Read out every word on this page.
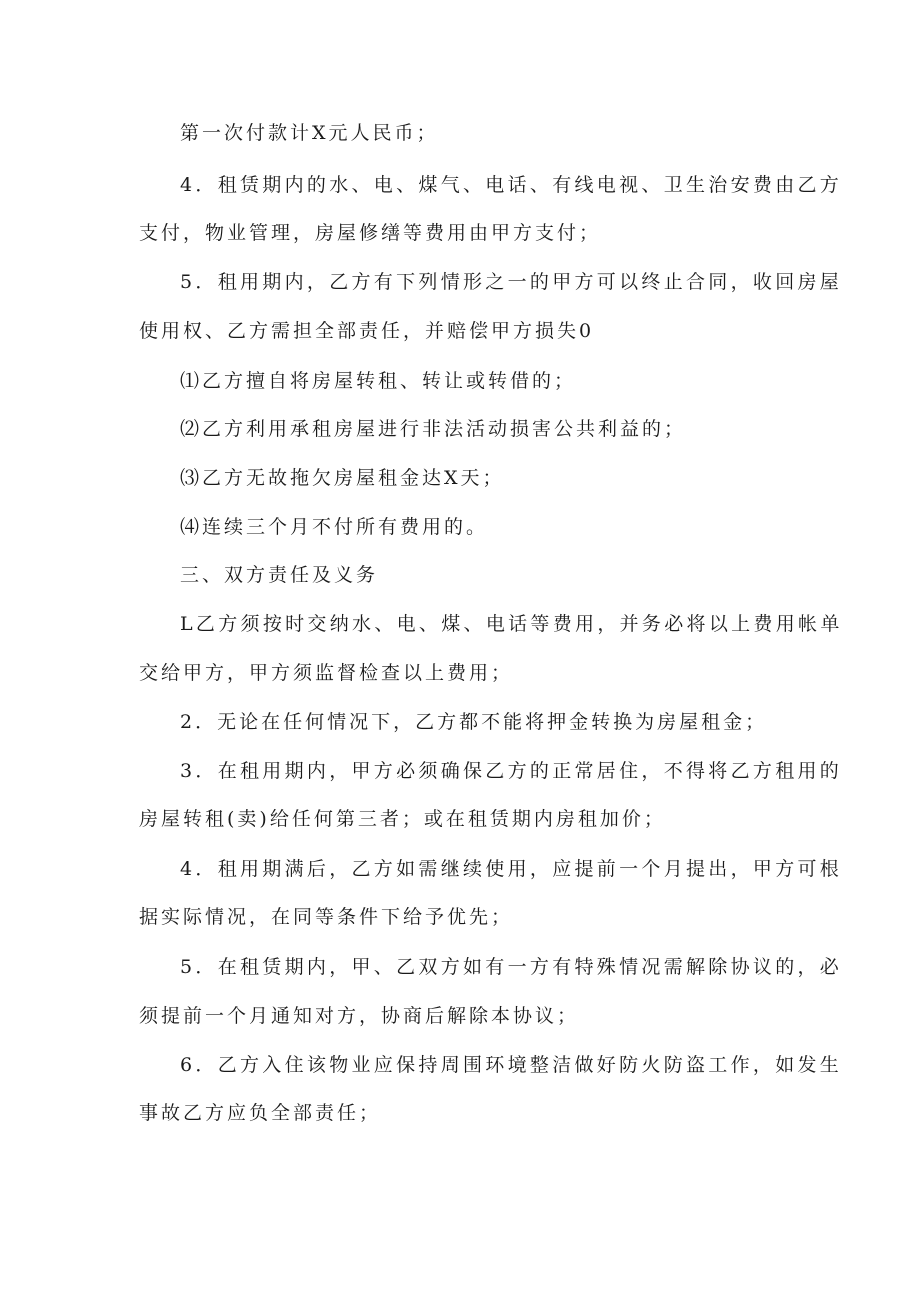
第一次付款计X元人民币；
4．租赁期内的水、电、煤气、电话、有线电视、卫生治安费由乙方
支付，物业管理，房屋修缮等费用由甲方支付；
5．租用期内，乙方有下列情形之一的甲方可以终止合同，收回房屋
使用权、乙方需担全部责任，并赔偿甲方损失0
⑴乙方擅自将房屋转租、转让或转借的；
⑵乙方利用承租房屋进行非法活动损害公共利益的；
⑶乙方无故拖欠房屋租金达X天；
⑷连续三个月不付所有费用的。
三、双方责任及义务
L乙方须按时交纳水、电、煤、电话等费用，并务必将以上费用帐单
交给甲方，甲方须监督检查以上费用；
2．无论在任何情况下，乙方都不能将押金转换为房屋租金；
3．在租用期内，甲方必须确保乙方的正常居住，不得将乙方租用的
房屋转租(卖)给任何第三者；或在租赁期内房租加价；
4．租用期满后，乙方如需继续使用，应提前一个月提出，甲方可根
据实际情况，在同等条件下给予优先；
5．在租赁期内，甲、乙双方如有一方有特殊情况需解除协议的，必
须提前一个月通知对方，协商后解除本协议；
6．乙方入住该物业应保持周围环境整洁做好防火防盗工作，如发生
事故乙方应负全部责任；
